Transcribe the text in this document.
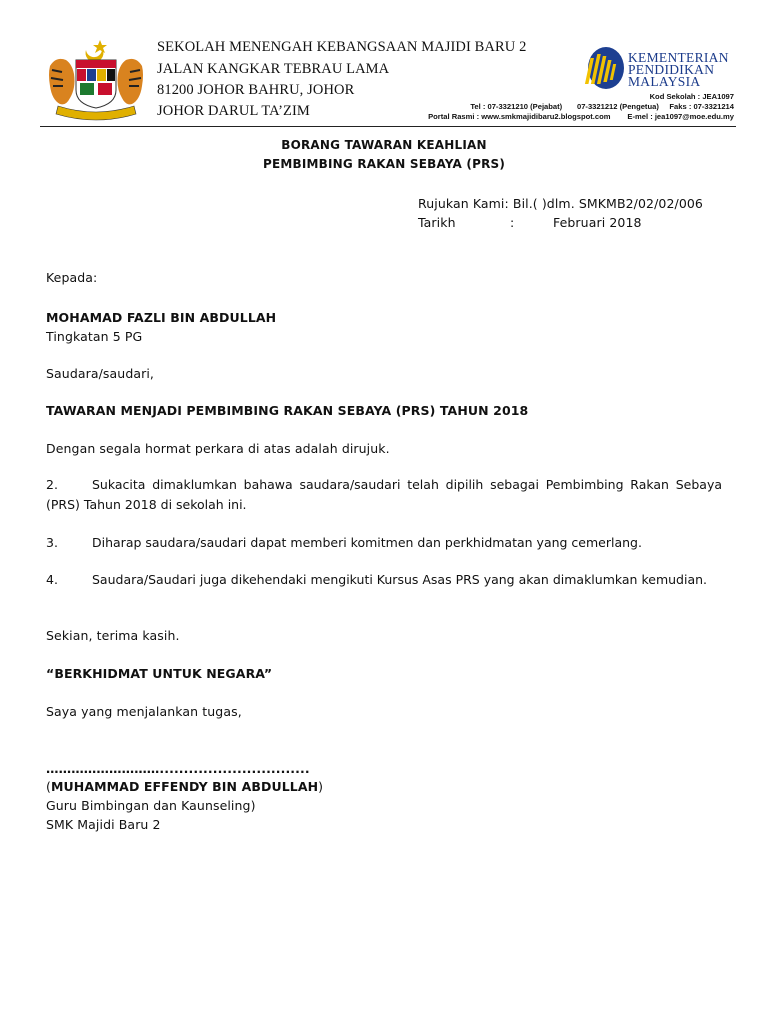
SEKOLAH MENENGAH KEBANGSAAN MAJIDI BARU 2
JALAN KANGKAR TEBRAU LAMA
81200 JOHOR BAHRU, JOHOR
JOHOR DARUL TA’ZIM
KEMENTERIAN
PENDIDIKAN
MALAYSIA
Kod Sekolah : JEA1097
Tel : 07-3321210 (Pejabat)       07-3321212 (Pengetua)     Faks : 07-3321214
Portal Rasmi : www.smkmajidibaru2.blogspot.com        E-mel : jea1097@moe.edu.my
BORANG TAWARAN KEAHLIAN
PEMBIMBING RAKAN SEBAYA (PRS)
Rujukan Kami: Bil.( )dlm. SMKMB2/02/02/006
Tarikh	:	Februari 2018
Kepada:
MOHAMAD FAZLI BIN ABDULLAH
Tingkatan 5 PG
Saudara/saudari,
TAWARAN MENJADI PEMBIMBING RAKAN SEBAYA (PRS) TAHUN 2018
Dengan segala hormat perkara di atas adalah dirujuk.
2.	Sukacita dimaklumkan bahawa saudara/saudari telah dipilih sebagai Pembimbing Rakan Sebaya (PRS) Tahun 2018 di sekolah ini.
3.	Diharap saudara/saudari dapat memberi komitmen dan perkhidmatan yang cemerlang.
4.	Saudara/Saudari juga dikehendaki mengikuti Kursus Asas PRS yang akan dimaklumkan kemudian.
Sekian, terima kasih.
“BERKHIDMAT UNTUK NEGARA”
Saya yang menjalankan tugas,
………………………...............................
(MUHAMMAD EFFENDY BIN ABDULLAH)
Guru Bimbingan dan Kaunseling)
SMK Majidi Baru 2
